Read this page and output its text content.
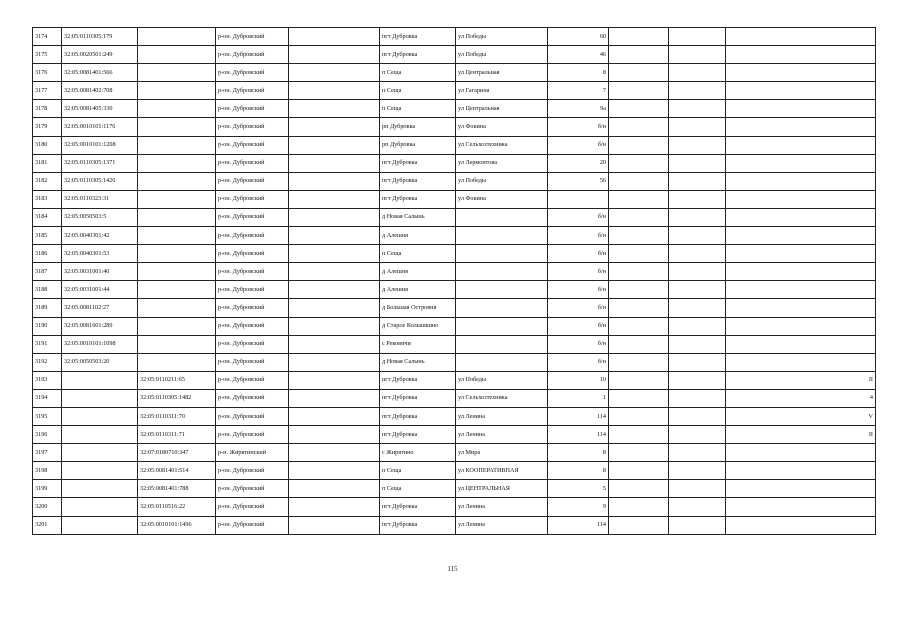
3174	32:05:0110305:179		р-он. Дубровский		пгт Дубровка	ул Победы	60			
3175	32:05:0020501:249		р-он. Дубровский		пгт Дубровка	ул Победы	46			
3176	32:05:0081401:566		р-он. Дубровский		п Сеща	ул Центральная	8			
3177	32:05:0081402:708		р-он. Дубровский		п Сеща	ул Гагарина	7			
3178	32:05:0081405:330		р-он. Дубровский		п Сеща	ул Центральная	9а			
3179	32:05:0010101:1176		р-он. Дубровский		рп Дубровка	ул Фокина	б/н			
3180	32:05:0010101:1208		р-он. Дубровский		рп Дубровка	ул Сельхозтехника	б/н			
3181	32:05:0110305:1371		р-он. Дубровский		пгт Дубровка	ул Лермонтова	20			
3182	32:05:0110305:1426		р-он. Дубровский		пгт Дубровка	ул Победы	56			
3183	32:05:0110323:31		р-он. Дубровский		пгт Дубровка	ул Фокина				
3184	32:05:0050503:5		р-он. Дубровский		д Новая Салынь		б/н			
3185	32:05:0040301:42		р-он. Дубровский		д Алешня		б/н			
3186	32:05:0040301:53		р-он. Дубровский		п Сеща		б/н			
3187	32:05:0031001:40		р-он. Дубровский		д Алешня		б/н			
3188	32:05:0031001:44		р-он. Дубровский		д Алешня		б/н			
3189	32:05:0081102:27		р-он. Дубровский		д Большая Островня		б/н			
3190	32:05:0081601:289		р-он. Дубровский		д Старое Колышкино		б/н			
3191	32:05:0010101:1098		р-он. Дубровский		с Рековичи		б/н			
3192	32:05:0050503:20		р-он. Дубровский		д Новая Салынь		б/н			
3193		32:05:0110211:65	р-он. Дубровский		пгт Дубровка	ул Победы	10			II
3194		32:05:0110305:1482	р-он. Дубровский		пгт Дубровка	ул Сельхозтехника	1			4
3195		32:05:0110311:70	р-он. Дубровский		пгт Дубровка	ул Ленина	114			V
3196		32:05:0110311:71	р-он. Дубровский		пгт Дубровка	ул Ленина	114			II
3197		32:07:0180710:347	р-н. Жирятинский		с Жирятино	ул Мира	8			
3198		32:05:0081401:514	р-он. Дубровский		п Сеща	ул КООПЕРАТИВНАЯ	8			
3199		32:05:0081401:788	р-он. Дубровский		п Сеща	ул ЦЕНТРАЛЬНАЯ	5			
3200		32:05:0110516:22	р-он. Дубровский		пгт Дубровка	ул Ленина	9			
3201		32:05:0010101:1496	р-он. Дубровский		пгт Дубровка	ул Ленина	114			
115
